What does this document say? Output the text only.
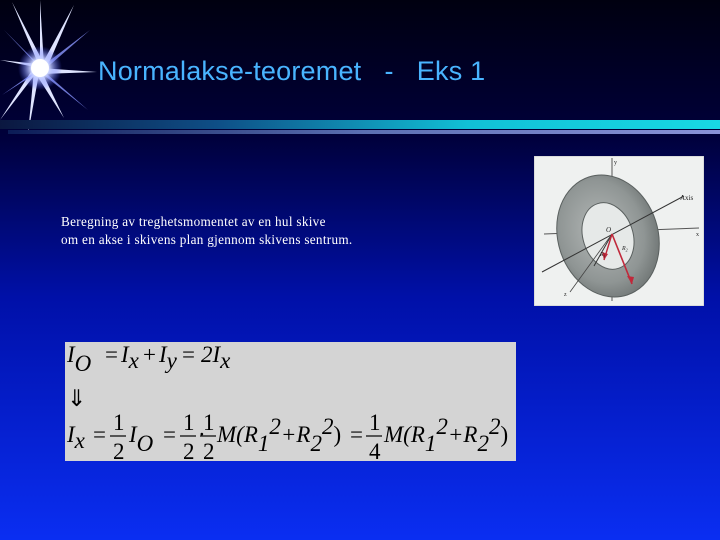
Normalakse-teoremet   -   Eks 1

Beregning av treghetsmomentet av en hul skive
om en akse i skivens plan gjennom skivens sentrum.

Axis
y
x
z
O
$R_1$
$R_2$
IO = Ix + Iy = 2Ix
⇓
Ix = 1
2
IO = 1
2
·
1
2
M(R12+R22) = 1
4
M(R12+R22)
